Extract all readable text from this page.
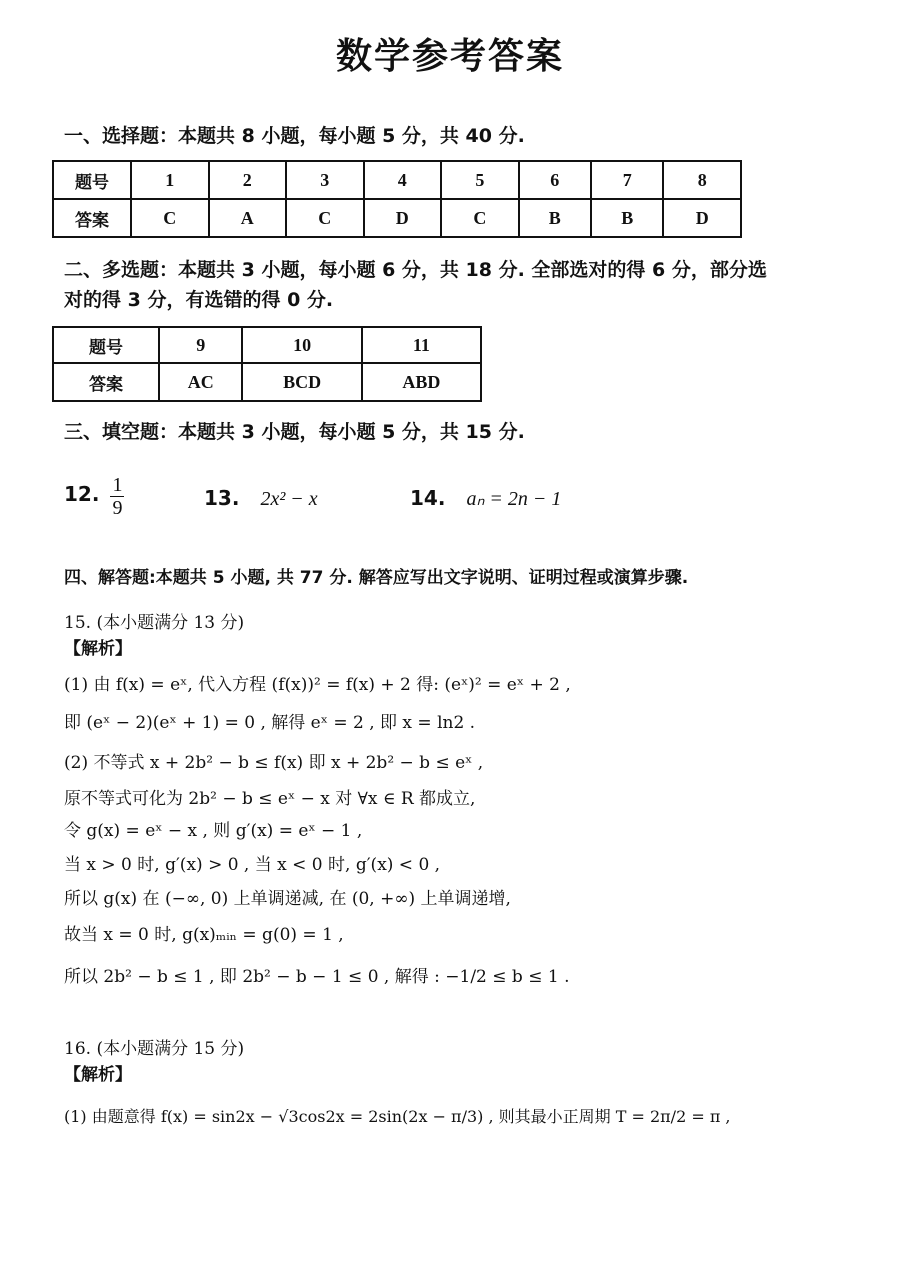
数学参考答案
一、选择题：本题共 8 小题，每小题 5 分，共 40 分.
题号	1	2	3	4	5	6	7	8
答案	C	A	C	D	C	B	B	D
二、多选题：本题共 3 小题，每小题 6 分，共 18 分. 全部选对的得 6 分，部分选
对的得 3 分，有选错的得 0 分.
题号	9	10	11
答案	AC	BCD	ABD
三、填空题：本题共 3 小题，每小题 5 分，共 15 分.
12. $\frac{1}{9}$	13. 2x² − x	14. aₙ = 2n − 1
四、解答题:本题共 5 小题, 共 77 分. 解答应写出文字说明、证明过程或演算步骤.
15. (本小题满分 13 分)
【解析】
(1) 由 f(x) = eˣ, 代入方程 (f(x))² = f(x) + 2 得: (eˣ)² = eˣ + 2 ,
即 (eˣ − 2)(eˣ + 1) = 0 , 解得 eˣ = 2 , 即 x = ln2 .
(2) 不等式 x + 2b² − b ≤ f(x) 即 x + 2b² − b ≤ eˣ ,
原不等式可化为 2b² − b ≤ eˣ − x 对 ∀x ∈ R 都成立,
令 g(x) = eˣ − x , 则 g′(x) = eˣ − 1 ,
当 x > 0 时, g′(x) > 0 , 当 x < 0 时, g′(x) < 0 ,
所以 g(x) 在 (−∞, 0) 上单调递减, 在 (0, +∞) 上单调递增,
故当 x = 0 时, g(x)ₘᵢₙ = g(0) = 1 ,
所以 2b² − b ≤ 1 , 即 2b² − b − 1 ≤ 0 , 解得 : −1/2 ≤ b ≤ 1 .
16. (本小题满分 15 分)
【解析】
(1) 由题意得 f(x) = sin2x − √3cos2x = 2sin(2x − π/3) , 则其最小正周期 T = 2π/2 = π ,
